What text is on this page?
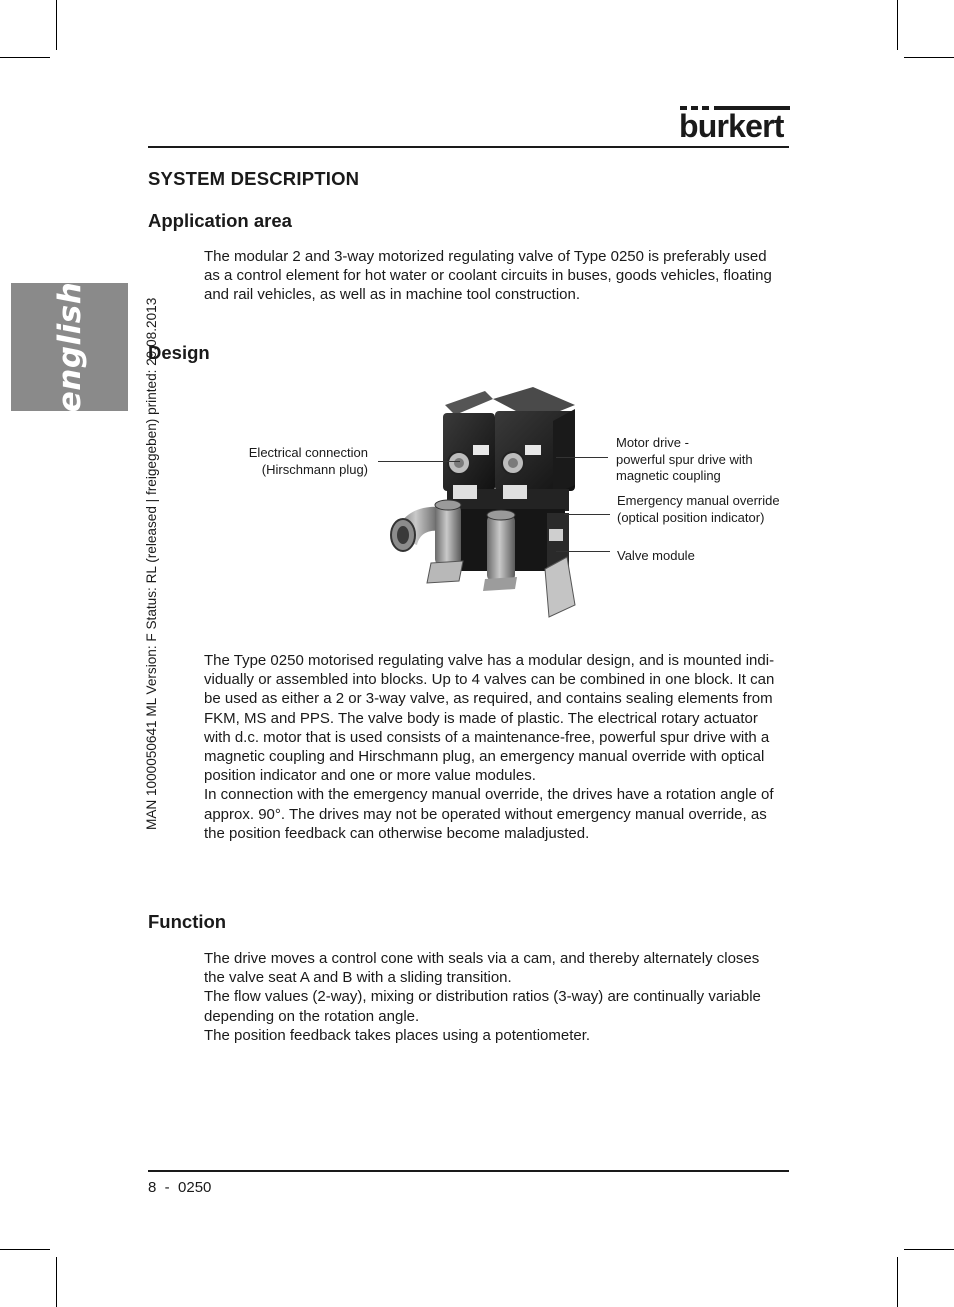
english	MAN 1000050641 ML Version: F Status: RL (released | freigegeben) printed: 29.08.2013
burkert
SYSTEM DESCRIPTION
Application area

The modular 2 and 3-way motorized regulating valve of Type 0250 is preferably used

as a control element for hot water or coolant circuits in buses, goods vehicles, floating

and rail vehicles, as well as in machine tool construction.

Design
Electrical connection
(Hirschmann plug)
Motor drive -
powerful spur drive with
magnetic coupling
Emergency manual override
(optical position indicator)
Valve module

The Type 0250 motorised regulating valve has a modular design, and is mounted indi-

vidually or assembled into blocks. Up to 4 valves can be combined in one block. It can

be used as either a 2 or 3-way valve, as required, and contains sealing elements from

FKM, MS and PPS. The valve body is made of plastic. The electrical rotary actuator

with d.c. motor that is used consists of a maintenance-free, powerful spur drive with a

magnetic coupling and Hirschmann plug, an emergency manual override with optical

position indicator and one or more value modules.

In connection with the emergency manual override, the drives have a rotation angle of

approx. 90°. The drives may not be operated without emergency manual override, as

the position feedback can otherwise become maladjusted.

Function

The drive moves a control cone with seals via a cam, and thereby alternately closes

the valve seat A and B with a sliding transition.

The flow values (2-way), mixing or distribution ratios (3-way) are continually variable

depending on the rotation angle.

The position feedback takes places using a potentiometer.

8  -  0250
